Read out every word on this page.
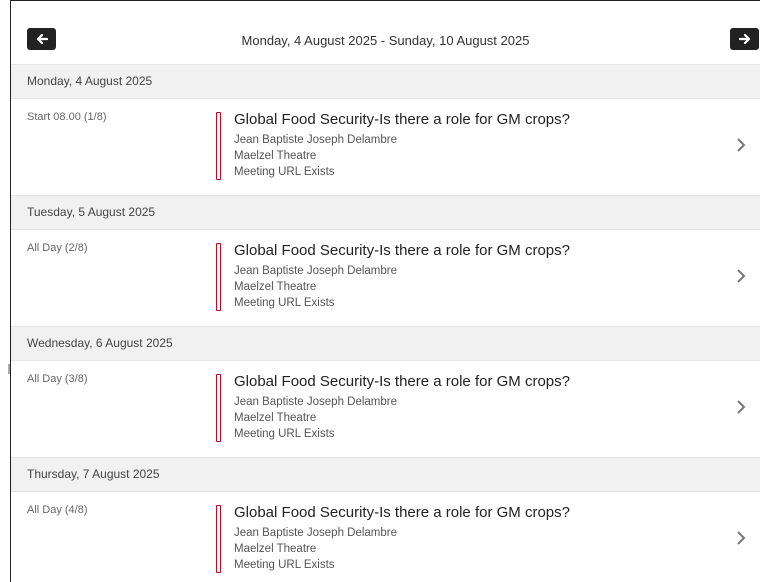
Monday, 4 August 2025 - Sunday, 10 August 2025
Monday, 4 August 2025
Start 08.00 (1/8)	Global Food Security-Is there a role for GM crops?
Jean Baptiste Joseph Delambre
Maelzel Theatre
Meeting URL Exists
Tuesday, 5 August 2025
All Day (2/8)	Global Food Security-Is there a role for GM crops?
Jean Baptiste Joseph Delambre
Maelzel Theatre
Meeting URL Exists
Wednesday, 6 August 2025
All Day (3/8)	Global Food Security-Is there a role for GM crops?
Jean Baptiste Joseph Delambre
Maelzel Theatre
Meeting URL Exists
Thursday, 7 August 2025
All Day (4/8)	Global Food Security-Is there a role for GM crops?
Jean Baptiste Joseph Delambre
Maelzel Theatre
Meeting URL Exists
